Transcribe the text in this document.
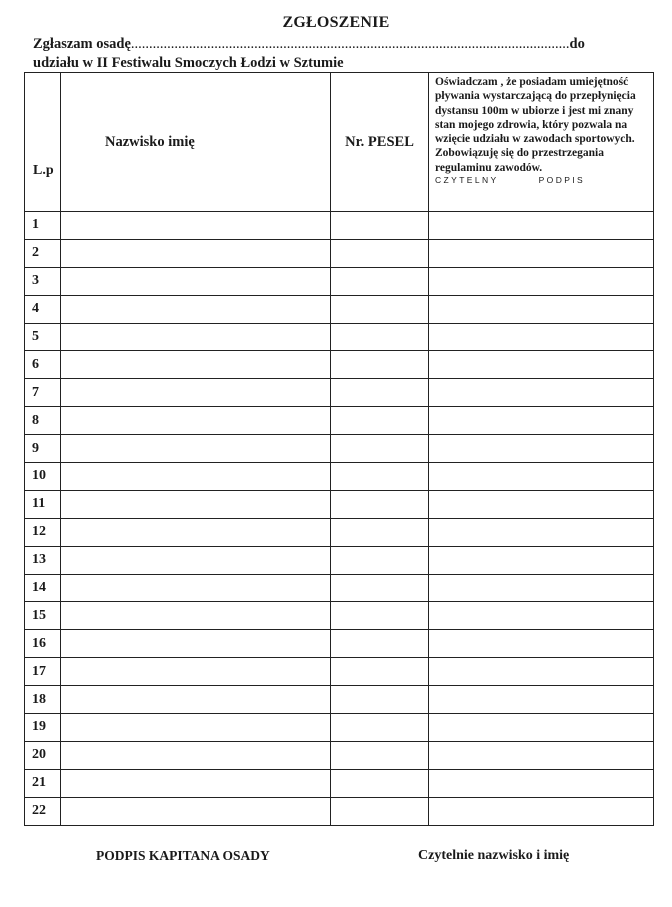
ZGŁOSZENIE
Zgłaszam osadę.........................................................................................................................do
udziału w II Festiwalu Smoczych Łodzi w Sztumie
L.p	Nazwisko imię	Nr. PESEL	Oświadczam , że posiadam umiejętność pływania wystarczającą do przepłynięcia dystansu 100m w ubiorze i jest mi znany stan mojego zdrowia, który pozwala na wzięcie udziału w zawodach sportowych. Zobowiązuję się do przestrzegania regulaminu zawodów.
CZYTELNY PODPIS

1			
2			
3			
4			
5			
6			
7			
8			
9			
10			
11			
12			
13			
14			
15			
16			
17			
18			
19			
20			
21			
22			
PODPIS KAPITANA OSADY	Czytelnie nazwisko i imię
